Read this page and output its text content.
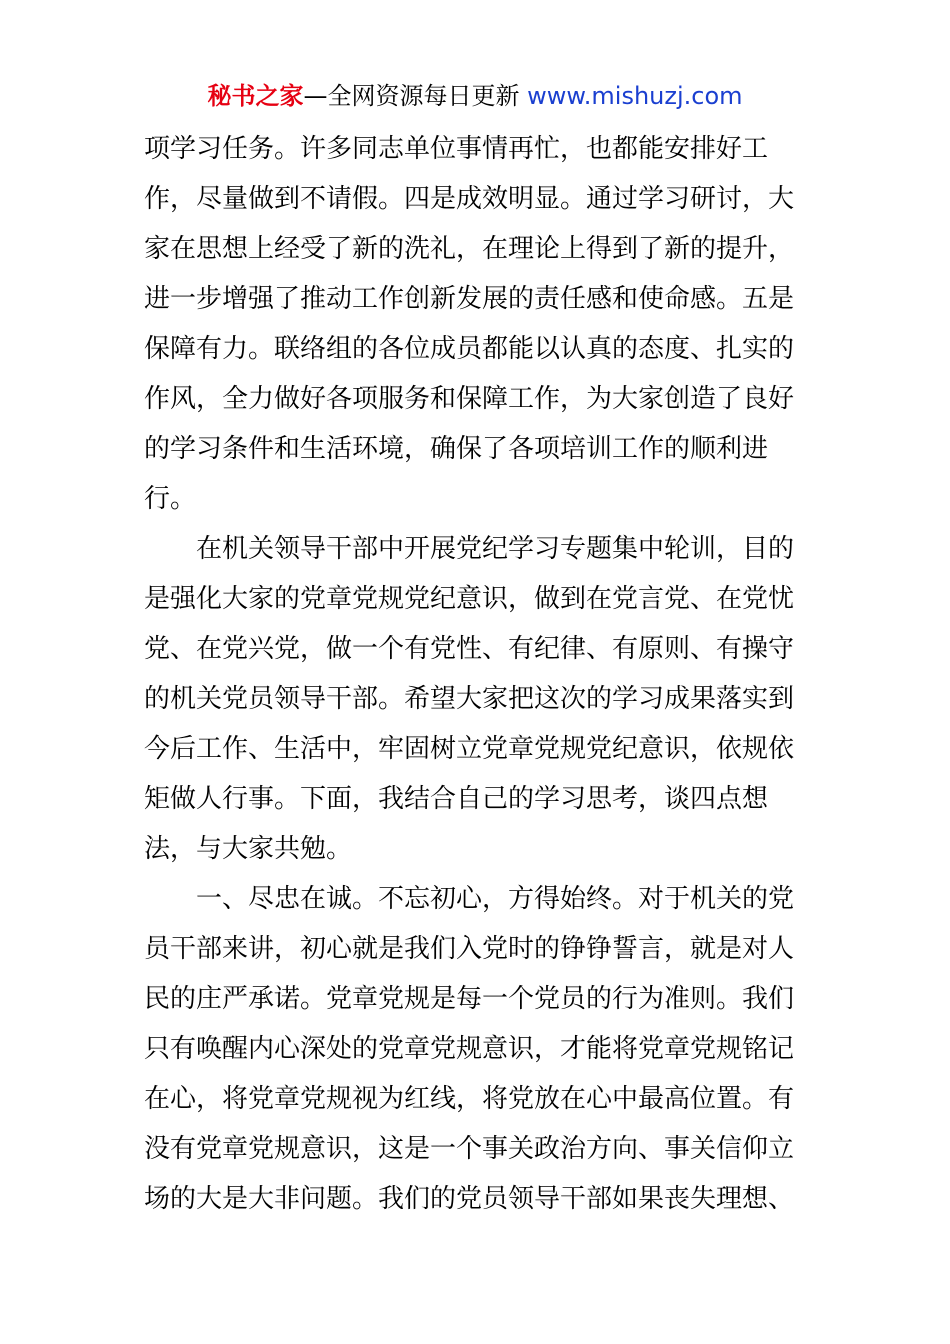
秘书之家—全网资源每日更新 www.mishuzj.com
项学习任务。许多同志单位事情再忙，也都能安排好工
作，尽量做到不请假。四是成效明显。通过学习研讨，大
家在思想上经受了新的洗礼，在理论上得到了新的提升，
进一步增强了推动工作创新发展的责任感和使命感。五是
保障有力。联络组的各位成员都能以认真的态度、扎实的
作风，全力做好各项服务和保障工作，为大家创造了良好
的学习条件和生活环境，确保了各项培训工作的顺利进
行。
　　在机关领导干部中开展党纪学习专题集中轮训，目的
是强化大家的党章党规党纪意识，做到在党言党、在党忧
党、在党兴党，做一个有党性、有纪律、有原则、有操守
的机关党员领导干部。希望大家把这次的学习成果落实到
今后工作、生活中，牢固树立党章党规党纪意识，依规依
矩做人行事。下面，我结合自己的学习思考，谈四点想
法，与大家共勉。
　　一、尽忠在诚。不忘初心，方得始终。对于机关的党
员干部来讲，初心就是我们入党时的铮铮誓言，就是对人
民的庄严承诺。党章党规是每一个党员的行为准则。我们
只有唤醒内心深处的党章党规意识，才能将党章党规铭记
在心，将党章党规视为红线，将党放在心中最高位置。有
没有党章党规意识，这是一个事关政治方向、事关信仰立
场的大是大非问题。我们的党员领导干部如果丧失理想、
